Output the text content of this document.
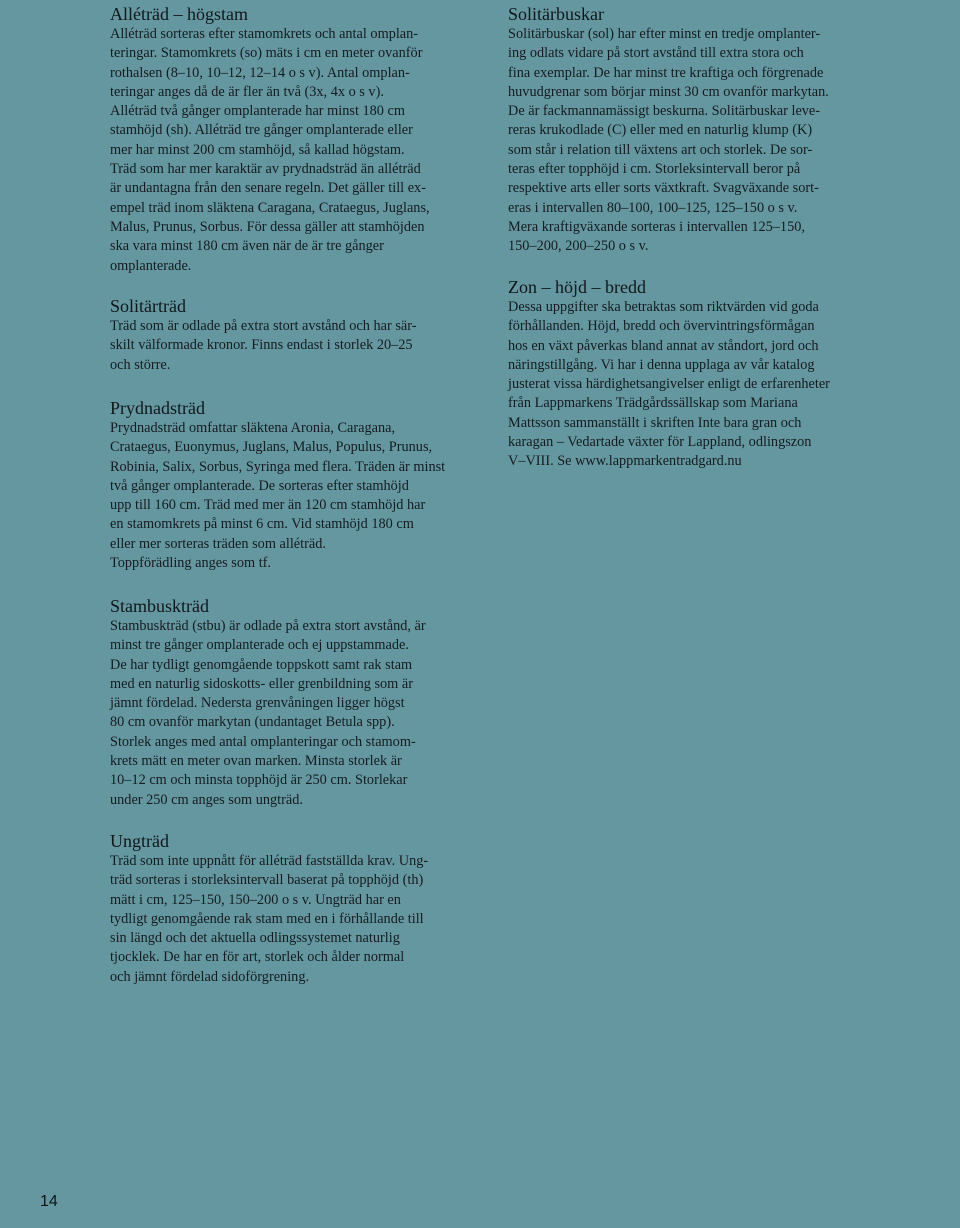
Alléträd – högstam
Alléträd sorteras efter stamomkrets och antal omplan-
teringar. Stamomkrets (so) mäts i cm en meter ovanför
rothalsen (8–10, 10–12, 12–14 o s v). Antal omplan-
teringar anges då de är fler än två (3x, 4x o s v).
Alléträd två gånger omplanterade har minst 180 cm
stamhöjd (sh). Alléträd tre gånger omplanterade eller
mer har minst 200 cm stamhöjd, så kallad högstam.
Träd som har mer karaktär av prydnadsträd än alléträd
är undantagna från den senare regeln. Det gäller till ex-
empel träd inom släktena Caragana, Crataegus, Juglans,
Malus, Prunus, Sorbus. För dessa gäller att stamhöjden
ska vara minst 180 cm även när de är tre gånger
omplanterade.
Solitärträd
Träd som är odlade på extra stort avstånd och har sär-
skilt välformade kronor. Finns endast i storlek 20–25
och större.
Prydnadsträd
Prydnadsträd omfattar släktena Aronia, Caragana,
Crataegus, Euonymus, Juglans, Malus, Populus, Prunus,
Robinia, Salix, Sorbus, Syringa med flera. Träden är minst
två gånger omplanterade. De sorteras efter stamhöjd
upp till 160 cm. Träd med mer än 120 cm stamhöjd har
en stamomkrets på minst 6 cm. Vid stamhöjd 180 cm
eller mer sorteras träden som alléträd.
Toppförädling anges som tf.
Stambuskträd
Stambuskträd (stbu) är odlade på extra stort avstånd, är
minst tre gånger omplanterade och ej uppstammade.
De har tydligt genomgående toppskott samt rak stam
med en naturlig sidoskotts- eller grenbildning som är
jämnt fördelad. Nedersta grenvåningen ligger högst
80 cm ovanför markytan (undantaget Betula spp).
Storlek anges med antal omplanteringar och stamom-
krets mätt en meter ovan marken. Minsta storlek är
10–12 cm och minsta topphöjd är 250 cm. Storlekar
under 250 cm anges som ungträd.
Ungträd
Träd som inte uppnått för alléträd fastställda krav. Ung-
träd sorteras i storleksintervall baserat på topphöjd (th)
mätt i cm, 125–150, 150–200 o s v. Ungträd har en
tydligt genomgående rak stam med en i förhållande till
sin längd och det aktuella odlingssystemet naturlig
tjocklek. De har en för art, storlek och ålder normal
och jämnt fördelad sidoförgrening.
Solitärbuskar
Solitärbuskar (sol) har efter minst en tredje omplanter-
ing odlats vidare på stort avstånd till extra stora och
fina exemplar. De har minst tre kraftiga och förgrenade
huvudgrenar som börjar minst 30 cm ovanför markytan.
De är fackmannamässigt beskurna. Solitärbuskar leve-
reras krukodlade (C) eller med en naturlig klump (K)
som står i relation till växtens art och storlek. De sor-
teras efter topphöjd i cm. Storleksintervall beror på
respektive arts eller sorts växtkraft. Svagväxande sort-
eras i intervallen 80–100, 100–125, 125–150 o s v.
Mera kraftigväxande sorteras i intervallen 125–150,
150–200, 200–250 o s v.
Zon – höjd – bredd
Dessa uppgifter ska betraktas som riktvärden vid goda
förhållanden. Höjd, bredd och övervintringsförmågan
hos en växt påverkas bland annat av ståndort, jord och
näringstillgång. Vi har i denna upplaga av vår katalog
justerat vissa härdighetsangivelser enligt de erfarenheter
från Lappmarkens Trädgårdssällskap som Mariana
Mattsson sammanställt i skriften Inte bara gran och
karagan – Vedartade växter för Lappland, odlingszon
V–VIII. Se www.lappmarkentradgard.nu
14
